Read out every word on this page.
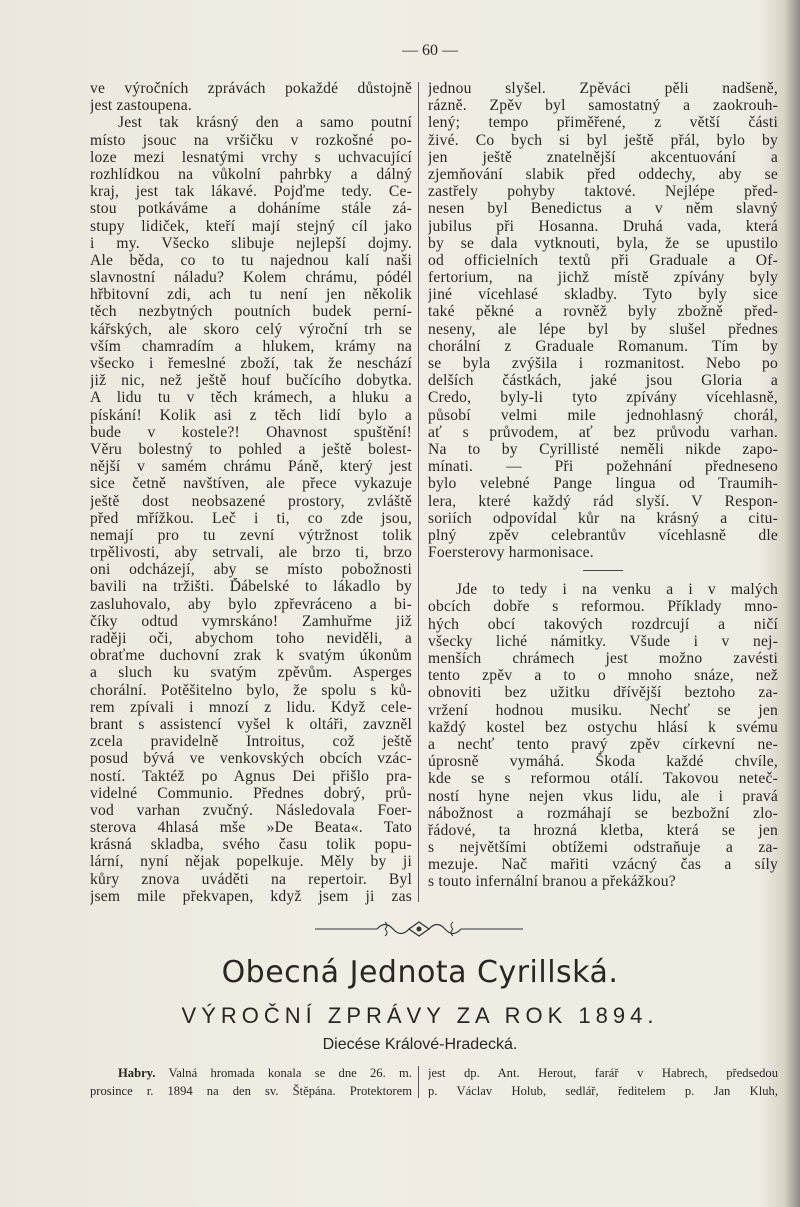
— 60 —
ve výročních zprávách pokaždé důstojně
jest zastoupena.
Jest tak krásný den a samo poutní
místo jsouc na vršičku v rozkošné po-
loze mezi lesnatými vrchy s uchvacující
rozhlídkou na vůkolní pahrbky a dálný
kraj, jest tak lákavé. Pojďme tedy. Ce-
stou potkáváme a doháníme stále zá-
stupy lidiček, kteří mají stejný cíl jako
i my. Všecko slibuje nejlepší dojmy.
Ale běda, co to tu najednou kalí naši
slavnostní náladu? Kolem chrámu, pódél
hřbitovní zdi, ach tu není jen několik
těch nezbytných poutních budek perní-
kářských, ale skoro celý výroční trh se
vším chamradím a hlukem, krámy na
všecko i řemeslné zboží, tak že neschází
již nic, než ještě houf bučícího dobytka.
A lidu tu v těch krámech, a hluku a
pískání! Kolik asi z těch lidí bylo a
bude v kostele?! Ohavnost spuštění!
Věru bolestný to pohled a ještě bolest-
nější v samém chrámu Páně, který jest
sice četně navštíven, ale přece vykazuje
ještě dost neobsazené prostory, zvláště
před mřížkou. Leč i ti, co zde jsou,
nemají pro tu zevní výtržnost tolik
trpělivosti, aby setrvali, ale brzo ti, brzo
oni odcházejí, aby se místo pobožnosti
bavili na tržišti. Ďábelské to lákadlo by
zasluhovalo, aby bylo zpřevráceno a bi-
číky odtud vymrskáno! Zamhuřme již
raději oči, abychom toho neviděli, a
obraťme duchovní zrak k svatým úkonům
a sluch ku svatým zpěvům. Asperges
chorální. Potěšitelno bylo, že spolu s ků-
rem zpívali i mnozí z lidu. Když cele-
brant s assistencí vyšel k oltáři, zavzněl
zcela pravidelně Introitus, což ještě
posud bývá ve venkovských obcích vzác-
ností. Taktéž po Agnus Dei přišlo pra-
videlné Communio. Přednes dobrý, prů-
vod varhan zvučný. Následovala Foer-
sterova 4hlasá mše »De Beata«. Tato
krásná skladba, svého času tolik popu-
lární, nyní nějak popelkuje. Měly by ji
kůry znova uváděti na repertoir. Byl
jsem mile překvapen, když jsem ji zas
jednou slyšel. Zpěváci pěli nadšeně,
rázně. Zpěv byl samostatný a zaokrouh-
lený; tempo přiměřené, z větší části
živé. Co bych si byl ještě přál, bylo by
jen ještě znatelnější akcentuování a
zjemňování slabik před oddechy, aby se
zastřely pohyby taktové. Nejlépe před-
nesen byl Benedictus a v něm slavný
jubilus při Hosanna. Druhá vada, která
by se dala vytknouti, byla, že se upustilo
od officielních textů při Graduale a Of-
fertorium, na jichž místě zpívány byly
jiné vícehlasé skladby. Tyto byly sice
také pěkné a rovněž byly zbožně před-
neseny, ale lépe byl by slušel přednes
chorální z Graduale Romanum. Tím by
se byla zvýšila i rozmanitost. Nebo po
delších částkách, jaké jsou Gloria a
Credo, byly-li tyto zpívány vícehlasně,
působí velmi mile jednohlasný chorál,
ať s průvodem, ať bez průvodu varhan.
Na to by Cyrillisté neměli nikde zapo-
mínati. — Při požehnání předneseno
bylo velebné Pange lingua od Traumih-
lera, které každý rád slyší. V Respon-
soriích odpovídal kůr na krásný a citu-
plný zpěv celebrantův vícehlasně dle
Foersterovy harmonisace.
Jde to tedy i na venku a i v malých
obcích dobře s reformou. Příklady mno-
hých obcí takových rozdrcují a ničí
všecky liché námitky. Všude i v nej-
menších chrámech jest možno zavésti
tento zpěv a to o mnoho snáze, než
obnoviti bez užitku dřívější beztoho za-
vržení hodnou musiku. Nechť se jen
každý kostel bez ostychu hlásí k svému
a nechť tento pravý zpěv církevní ne-
úprosně vymáhá. Škoda každé chvíle,
kde se s reformou otálí. Takovou neteč-
ností hyne nejen vkus lidu, ale i pravá
nábožnost a rozmáhají se bezbožní zlo-
řádové, ta hrozná kletba, která se jen
s největšími obtížemi odstraňuje a za-
mezuje. Nač mařiti vzácný čas a síly
s touto infernální branou a překážkou?
Obecná Jednota Cyrillská.
VÝROČNÍ ZPRÁVY ZA ROK 1894.
Diecése Králové-Hradecká.
Habry. Valná hromada konala se dne 26. m.
prosince r. 1894 na den sv. Štěpána. Protektorem
jest dp. Ant. Herout, farář v Habrech, předsedou
p. Václav Holub, sedlář, ředitelem p. Jan Kluh,
